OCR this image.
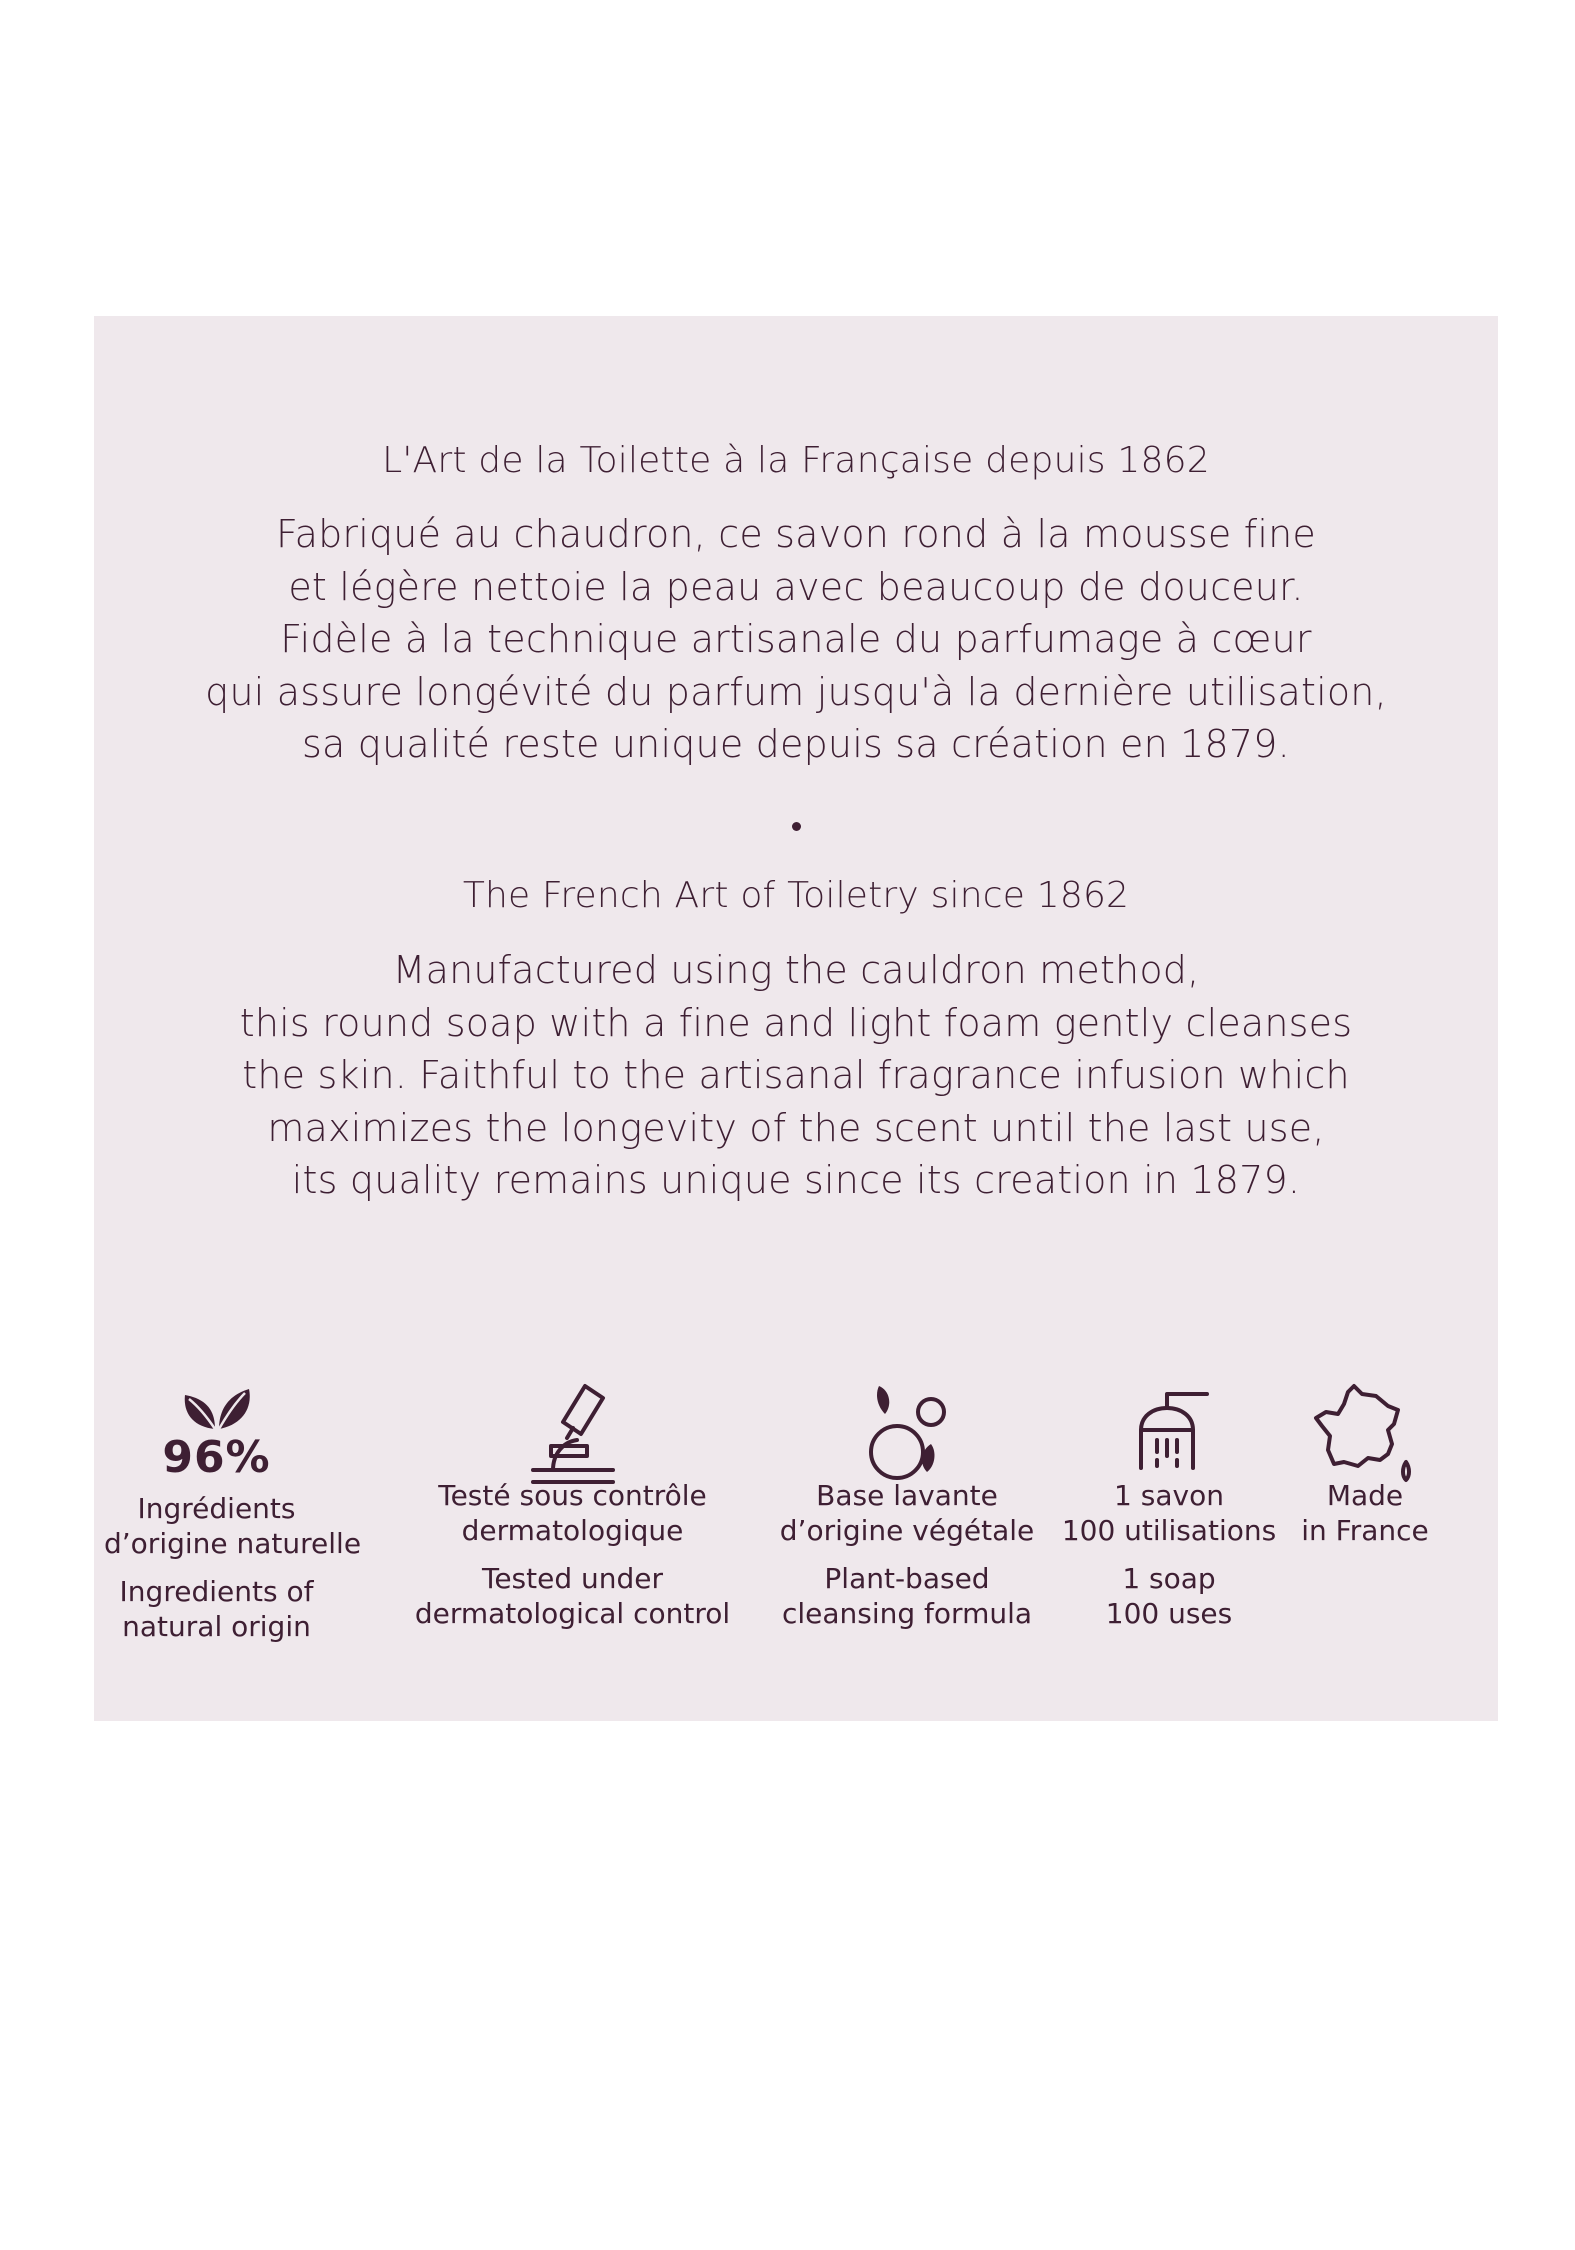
L'Art de la Toilette à la Française depuis 1862
Fabriqué au chaudron, ce savon rond à la mousse fine
et légère nettoie la peau avec beaucoup de douceur.
Fidèle à la technique artisanale du parfumage à cœur
qui assure longévité du parfum jusqu'à la dernière utilisation,
sa qualité reste unique depuis sa création en 1879.
The French Art of Toiletry since 1862
Manufactured using the cauldron method,
this round soap with a fine and light foam gently cleanses
the skin. Faithful to the artisanal fragrance infusion which
maximizes the longevity of the scent until the last use,
its quality remains unique since its creation in 1879.
96%
Ingrédients
d’origine naturelle
Ingredients of
natural origin
Testé sous contrôle
dermatologique
Tested under
dermatological control
Base lavante
d’origine végétale
Plant-based
cleansing formula
1 savon
100 utilisations
1 soap
100 uses
Made
in France
